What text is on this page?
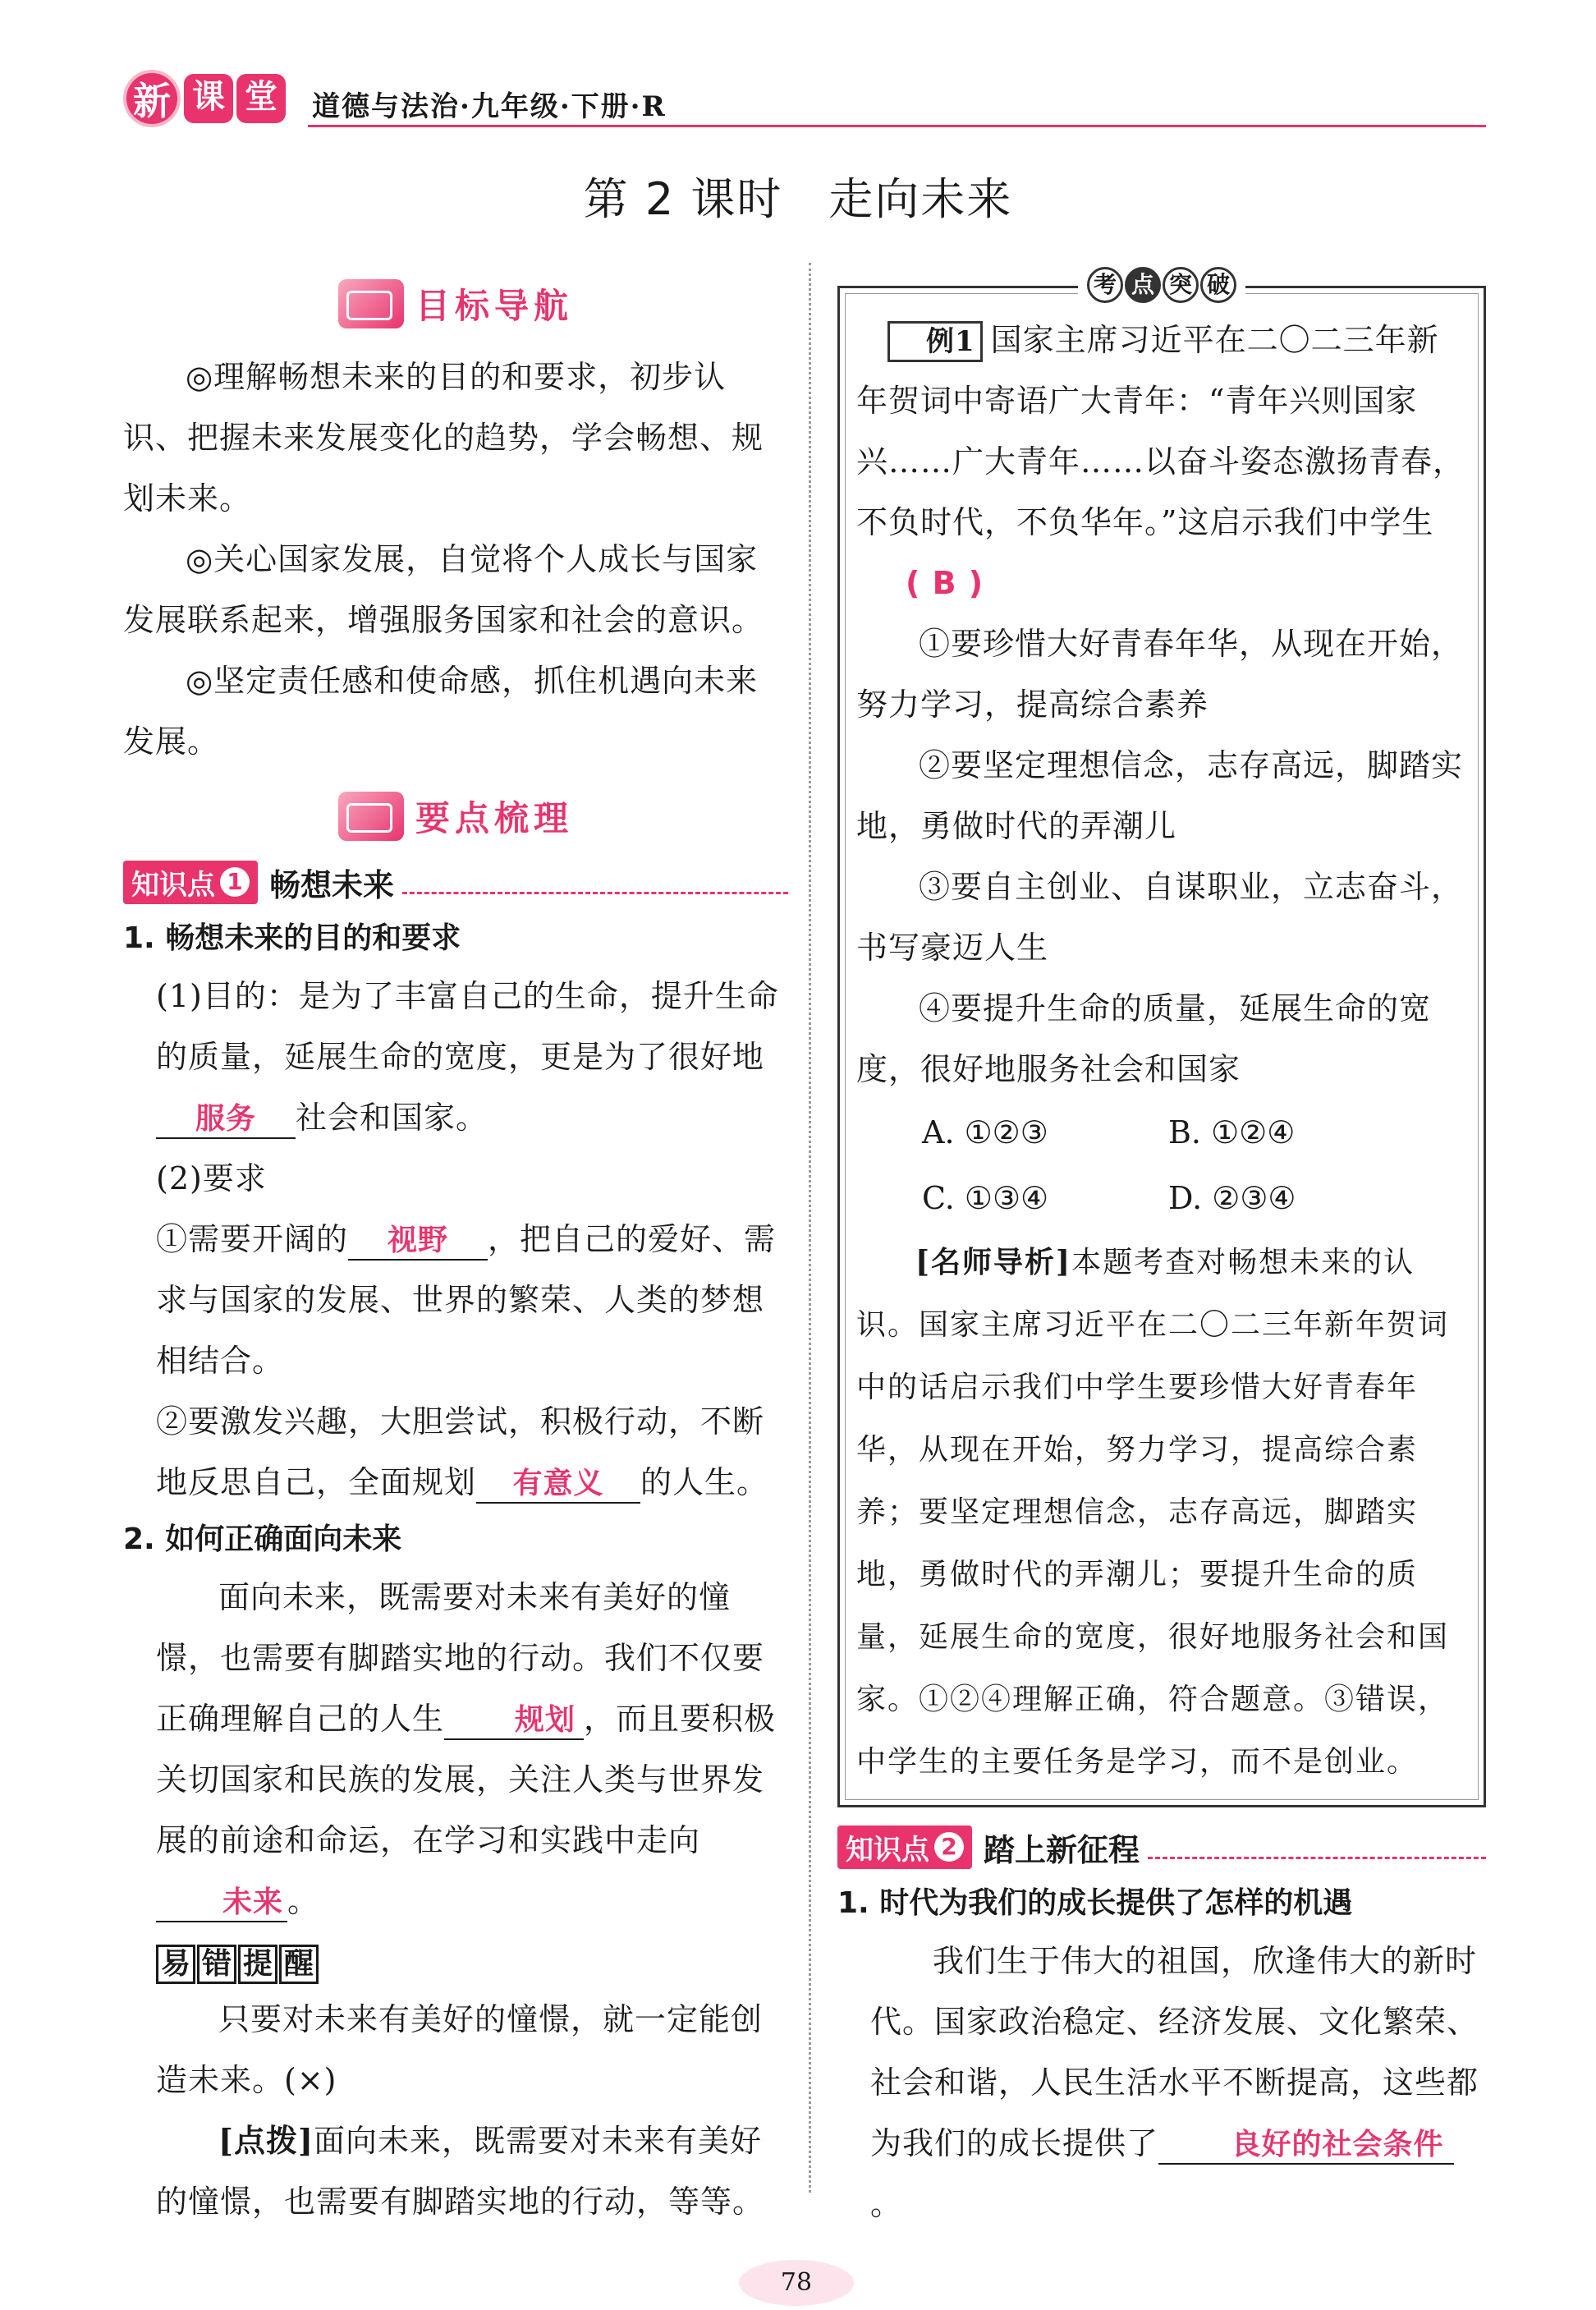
新 课 堂 道德与法治·九年级·下册·R
第 2 课时　走向未来
目标导航

◎理解畅想未来的目的和要求，初步认识、把握未来发展变化的趋势，学会畅想、规划未来。

◎关心国家发展，自觉将个人成长与国家发展联系起来，增强服务国家和社会的意识。

◎坚定责任感和使命感，抓住机遇向未来发展。

要点梳理
知识点 1 畅想未来
1. 畅想未来的目的和要求

(1)目的：是为了丰富自己的生命，提升生命的质量，延展生命的宽度，更是为了很好地服务 社会和国家。

(2)要求

①需要开阔的 视野 ，把自己的爱好、需求与国家的发展、世界的繁荣、人类的梦想相结合。

②要激发兴趣，大胆尝试，积极行动，不断地反思自己，全面规划 有意义 的人生。

2. 如何正确面向未来

面向未来，既需要对未来有美好的憧憬，也需要有脚踏实地的行动。我们不仅要正确理解自己的人生 规划 ，而且要积极关切国家和民族的发展，关注人类与世界发展的前途和命运，在学习和实践中走向未来 。

易 错 提 醒

只要对未来有美好的憧憬，就一定能创造未来。(×)

[点拨]面向未来，既需要对未来有美好的憧憬，也需要有脚踏实地的行动，等等。

考 点 突 破

例1 国家主席习近平在二〇二三年新年贺词中寄语广大青年：“青年兴则国家兴……广大青年……以奋斗姿态激扬青春，不负时代，不负华年。”这启示我们中学生 ( B )

①要珍惜大好青春年华，从现在开始，努力学习，提高综合素养

②要坚定理想信念，志存高远，脚踏实地，勇做时代的弄潮儿

③要自主创业、自谋职业，立志奋斗，书写豪迈人生

④要提升生命的质量，延展生命的宽度，很好地服务社会和国家

A. ①②③	B. ①②④
C. ①③④	D. ②③④

[名师导析]本题考查对畅想未来的认识。国家主席习近平在二〇二三年新年贺词中的话启示我们中学生要珍惜大好青春年华，从现在开始，努力学习，提高综合素养；要坚定理想信念，志存高远，脚踏实地，勇做时代的弄潮儿；要提升生命的质量，延展生命的宽度，很好地服务社会和国家。①②④理解正确，符合题意。③错误，中学生的主要任务是学习，而不是创业。

知识点 2 踏上新征程
1. 时代为我们的成长提供了怎样的机遇

我们生于伟大的祖国，欣逢伟大的新时代。国家政治稳定、经济发展、文化繁荣、社会和谐，人民生活水平不断提高，这些都为我们的成长提供了 良好的社会条件。

78
